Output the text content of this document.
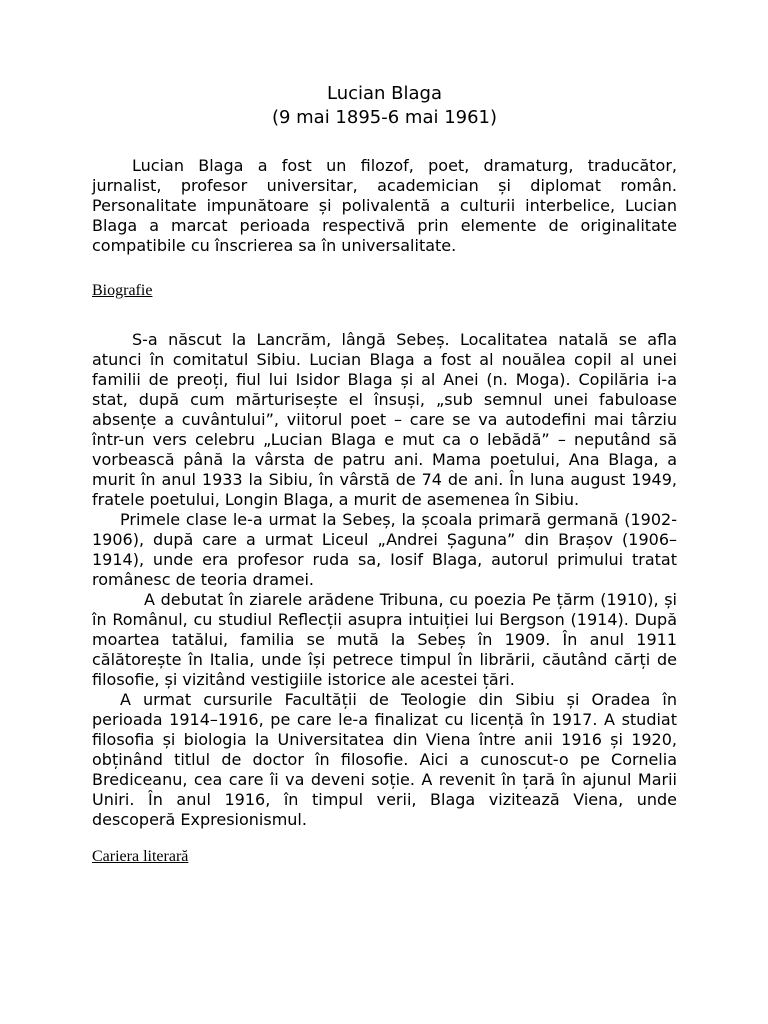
Lucian Blaga
(9 mai 1895-6 mai 1961)

Lucian Blaga a fost un filozof, poet, dramaturg, traducător, jurnalist, profesor universitar, academician și diplomat român. Personalitate impunătoare și polivalentă a culturii interbelice, Lucian Blaga a marcat perioada respectivă prin elemente de originalitate compatibile cu înscrierea sa în universalitate.

Biografie

S-a născut la Lancrăm, lângă Sebeș. Localitatea natală se afla atunci în comitatul Sibiu. Lucian Blaga a fost al nouălea copil al unei familii de preoți, fiul lui Isidor Blaga și al Anei (n. Moga). Copilăria i-a stat, după cum mărturisește el însuși, „sub semnul unei fabuloase absențe a cuvântului”, viitorul poet – care se va autodefini mai târziu într-un vers celebru „Lucian Blaga e mut ca o lebădă” – neputând să vorbească până la vârsta de patru ani. Mama poetului, Ana Blaga, a murit în anul 1933 la Sibiu, în vârstă de 74 de ani. În luna august 1949, fratele poetului, Longin Blaga, a murit de asemenea în Sibiu.

Primele clase le-a urmat la Sebeș, la școala primară germană (1902-1906), după care a urmat Liceul „Andrei Șaguna” din Brașov (1906–1914), unde era profesor ruda sa, Iosif Blaga, autorul primului tratat românesc de teoria dramei.

A debutat în ziarele arădene Tribuna, cu poezia Pe țărm (1910), și în Românul, cu studiul Reflecții asupra intuiției lui Bergson (1914). După moartea tatălui, familia se mută la Sebeș în 1909. În anul 1911 călătorește în Italia, unde își petrece timpul în librării, căutând cărți de filosofie, și vizitând vestigiile istorice ale acestei țări.

A urmat cursurile Facultății de Teologie din Sibiu și Oradea în perioada 1914–1916, pe care le-a finalizat cu licență în 1917. A studiat filosofia și biologia la Universitatea din Viena între anii 1916 și 1920, obținând titlul de doctor în filosofie. Aici a cunoscut-o pe Cornelia Brediceanu, cea care îi va deveni soție. A revenit în țară în ajunul Marii Uniri. În anul 1916, în timpul verii, Blaga vizitează Viena, unde descoperă Expresionismul.

Cariera literară
